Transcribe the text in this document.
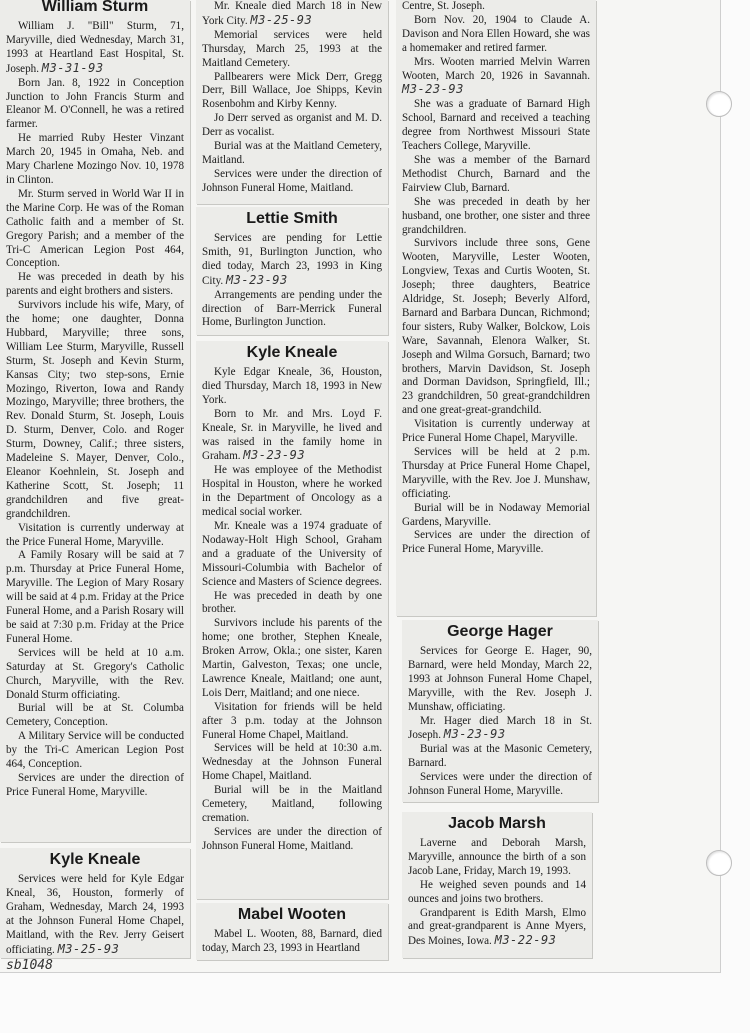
William Sturm

William J. "Bill" Sturm, 71, Maryville, died Wednesday, March 31, 1993 at Heartland East Hospital, St. Joseph. M3-31-93

Born Jan. 8, 1922 in Conception Junction to John Francis Sturm and Eleanor M. O'Connell, he was a retired farmer.

He married Ruby Hester Vinzant March 20, 1945 in Omaha, Neb. and Mary Charlene Mozingo Nov. 10, 1978 in Clinton.

Mr. Sturm served in World War II in the Marine Corp. He was of the Roman Catholic faith and a member of St. Gregory Parish; and a member of the Tri-C American Legion Post 464, Conception.

He was preceded in death by his parents and eight brothers and sisters.

Survivors include his wife, Mary, of the home; one daughter, Donna Hubbard, Maryville; three sons, William Lee Sturm, Maryville, Russell Sturm, St. Joseph and Kevin Sturm, Kansas City; two step-sons, Ernie Mozingo, Riverton, Iowa and Randy Mozingo, Maryville; three brothers, the Rev. Donald Sturm, St. Joseph, Louis D. Sturm, Denver, Colo. and Roger Sturm, Downey, Calif.; three sisters, Madeleine S. Mayer, Denver, Colo., Eleanor Koehnlein, St. Joseph and Katherine Scott, St. Joseph; 11 grandchildren and five great-grandchildren.

Visitation is currently underway at the Price Funeral Home, Maryville.

A Family Rosary will be said at 7 p.m. Thursday at Price Funeral Home, Maryville. The Legion of Mary Rosary will be said at 4 p.m. Friday at the Price Funeral Home, and a Parish Rosary will be said at 7:30 p.m. Friday at the Price Funeral Home.

Services will be held at 10 a.m. Saturday at St. Gregory's Catholic Church, Maryville, with the Rev. Donald Sturm officiating.

Burial will be at St. Columba Cemetery, Conception.

A Military Service will be conducted by the Tri-C American Legion Post 464, Conception.

Services are under the direction of Price Funeral Home, Maryville.

Kyle Kneale

Services were held for Kyle Edgar Kneal, 36, Houston, formerly of Graham, Wednesday, March 24, 1993 at the Johnson Funeral Home Chapel, Maitland, with the Rev. Jerry Geisert officiating. M3-25-93

Mr. Kneale died March 18 in New York City. M3-25-93

Memorial services were held Thursday, March 25, 1993 at the Maitland Cemetery.

Pallbearers were Mick Derr, Gregg Derr, Bill Wallace, Joe Shipps, Kevin Rosenbohm and Kirby Kenny.

Jo Derr served as organist and M. D. Derr as vocalist.

Burial was at the Maitland Cemetery, Maitland.

Services were under the direction of Johnson Funeral Home, Maitland.

Lettie Smith

Services are pending for Lettie Smith, 91, Burlington Junction, who died today, March 23, 1993 in King City. M3-23-93

Arrangements are pending under the direction of Barr-Merrick Funeral Home, Burlington Junction.

Kyle Kneale

Kyle Edgar Kneale, 36, Houston, died Thursday, March 18, 1993 in New York.

Born to Mr. and Mrs. Loyd F. Kneale, Sr. in Maryville, he lived and was raised in the family home in Graham. M3-23-93

He was employee of the Methodist Hospital in Houston, where he worked in the Department of Oncology as a medical social worker.

Mr. Kneale was a 1974 graduate of Nodaway-Holt High School, Graham and a graduate of the University of Missouri-Columbia with Bachelor of Science and Masters of Science degrees.

He was preceded in death by one brother.

Survivors include his parents of the home; one brother, Stephen Kneale, Broken Arrow, Okla.; one sister, Karen Martin, Galveston, Texas; one uncle, Lawrence Kneale, Maitland; one aunt, Lois Derr, Maitland; and one niece.

Visitation for friends will be held after 3 p.m. today at the Johnson Funeral Home Chapel, Maitland.

Services will be held at 10:30 a.m. Wednesday at the Johnson Funeral Home Chapel, Maitland.

Burial will be in the Maitland Cemetery, Maitland, following cremation.

Services are under the direction of Johnson Funeral Home, Maitland.

Mabel Wooten

Mabel L. Wooten, 88, Barnard, died today, March 23, 1993 in Heartland

Centre, St. Joseph.

Born Nov. 20, 1904 to Claude A. Davison and Nora Ellen Howard, she was a homemaker and retired farmer.

Mrs. Wooten married Melvin Warren Wooten, March 20, 1926 in Savannah. M3-23-93

She was a graduate of Barnard High School, Barnard and received a teaching degree from Northwest Missouri State Teachers College, Maryville.

She was a member of the Barnard Methodist Church, Barnard and the Fairview Club, Barnard.

She was preceded in death by her husband, one brother, one sister and three grandchildren.

Survivors include three sons, Gene Wooten, Maryville, Lester Wooten, Longview, Texas and Curtis Wooten, St. Joseph; three daughters, Beatrice Aldridge, St. Joseph; Beverly Alford, Barnard and Barbara Duncan, Richmond; four sisters, Ruby Walker, Bolckow, Lois Ware, Savannah, Elenora Walker, St. Joseph and Wilma Gorsuch, Barnard; two brothers, Marvin Davidson, St. Joseph and Dorman Davidson, Springfield, Ill.; 23 grandchildren, 50 great-grandchildren and one great-great-grandchild.

Visitation is currently underway at Price Funeral Home Chapel, Maryville.

Services will be held at 2 p.m. Thursday at Price Funeral Home Chapel, Maryville, with the Rev. Joe J. Munshaw, officiating.

Burial will be in Nodaway Memorial Gardens, Maryville.

Services are under the direction of Price Funeral Home, Maryville.

George Hager

Services for George E. Hager, 90, Barnard, were held Monday, March 22, 1993 at Johnson Funeral Home Chapel, Maryville, with the Rev. Joseph J. Munshaw, officiating.

Mr. Hager died March 18 in St. Joseph. M3-23-93

Burial was at the Masonic Cemetery, Barnard.

Services were under the direction of Johnson Funeral Home, Maryville.

Jacob Marsh

Laverne and Deborah Marsh, Maryville, announce the birth of a son Jacob Lane, Friday, March 19, 1993.

He weighed seven pounds and 14 ounces and joins two brothers.

Grandparent is Edith Marsh, Elmo and great-grandparent is Anne Myers, Des Moines, Iowa. M3-22-93

sb1048
